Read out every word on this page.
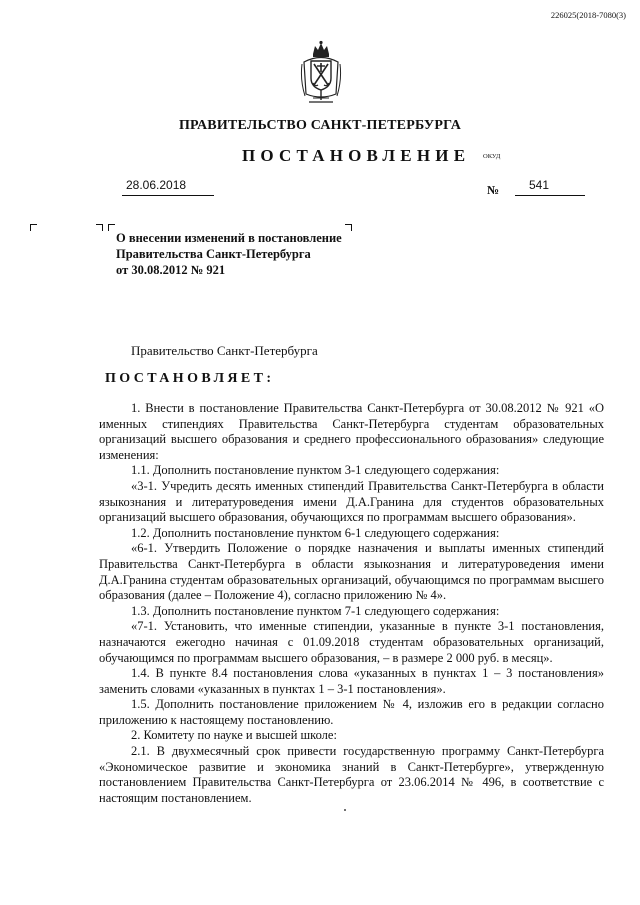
226025(2018-7080(3)
ПРАВИТЕЛЬСТВО САНКТ-ПЕТЕРБУРГА
ПОСТАНОВЛЕНИЕ ОКУД
28.06.2018	№ 541
О внесении изменений в постановление
Правительства Санкт-Петербурга
от 30.08.2012 № 921
Правительство Санкт-Петербурга
ПОСТАНОВЛЯЕТ:

1. Внести в постановление Правительства Санкт-Петербурга от 30.08.2012 № 921 «О именных стипендиях Правительства Санкт-Петербурга студентам образовательных организаций высшего образования и среднего профессионального образования» следующие изменения:

1.1. Дополнить постановление пунктом 3-1 следующего содержания:

«3-1. Учредить десять именных стипендий Правительства Санкт-Петербурга в области языкознания и литературоведения имени Д.А.Гранина для студентов образовательных организаций высшего образования, обучающихся по программам высшего образования».

1.2. Дополнить постановление пунктом 6-1 следующего содержания:

«6-1. Утвердить Положение о порядке назначения и выплаты именных стипендий Правительства Санкт-Петербурга в области языкознания и литературоведения имени Д.А.Гранина студентам образовательных организаций, обучающимся по программам высшего образования (далее – Положение 4), согласно приложению № 4».

1.3. Дополнить постановление пунктом 7-1 следующего содержания:

«7-1. Установить, что именные стипендии, указанные в пункте 3-1 постановления, назначаются ежегодно начиная с 01.09.2018 студентам образовательных организаций, обучающимся по программам высшего образования, – в размере 2 000 руб. в месяц».

1.4. В пункте 8.4 постановления слова «указанных в пунктах 1 – 3 постановления» заменить словами «указанных в пунктах 1 – 3-1 постановления».

1.5. Дополнить постановление приложением № 4, изложив его в редакции согласно приложению к настоящему постановлению.

2. Комитету по науке и высшей школе:

2.1. В двухмесячный срок привести государственную программу Санкт-Петербурга «Экономическое развитие и экономика знаний в Санкт-Петербурге», утвержденную постановлением Правительства Санкт-Петербурга от 23.06.2014 № 496, в соответствие с настоящим постановлением.
